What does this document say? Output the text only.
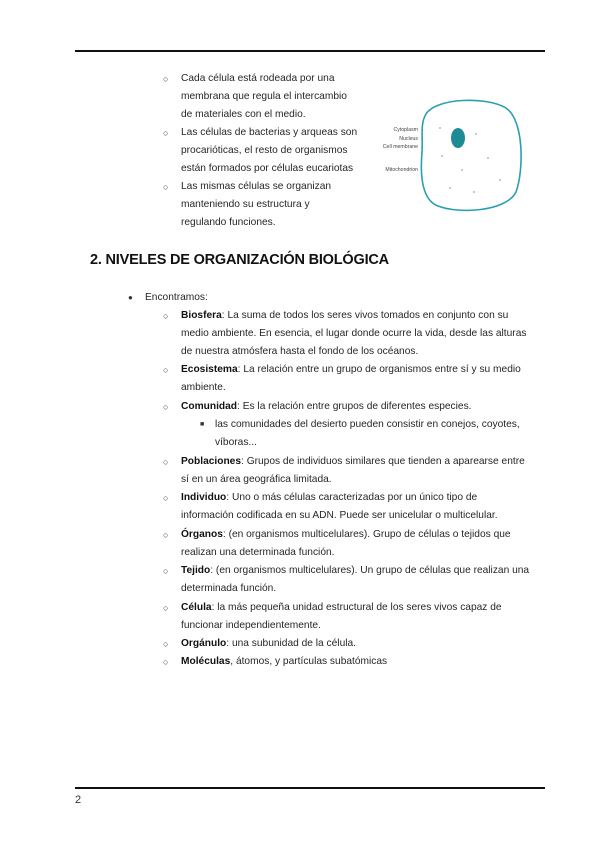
○ Cada célula está rodeada por una
membrana que regula el intercambio
de materiales con el medio.
○ Las células de bacterias y arqueas son
procarióticas, el resto de organismos
están formados por células eucariotas
○ Las mismas células se organizan
manteniendo su estructura y
regulando funciones.
Cytoplasm
Nucleus
Cell membrane
Mitochondrion
2. NIVELES DE ORGANIZACIÓN BIOLÓGICA
● Encontramos:
○ Biosfera: La suma de todos los seres vivos tomados en conjunto con su
medio ambiente. En esencia, el lugar donde ocurre la vida, desde las alturas
de nuestra atmósfera hasta el fondo de los océanos.
○ Ecosistema: La relación entre un grupo de organismos entre sí y su medio
ambiente.
○ Comunidad: Es la relación entre grupos de diferentes especies.
■ las comunidades del desierto pueden consistir en conejos, coyotes,
víboras...
○ Poblaciones: Grupos de individuos similares que tienden a aparearse entre
sí en un área geográfica limitada.
○ Individuo: Uno o más células caracterizadas por un único tipo de
información codificada en su ADN. Puede ser unicelular o multicelular.
○ Órganos: (en organismos multicelulares). Grupo de células o tejidos que
realizan una determinada función.
○ Tejido: (en organismos multicelulares). Un grupo de células que realizan una
determinada función.
○ Célula: la más pequeña unidad estructural de los seres vivos capaz de
funcionar independientemente.
○ Orgánulo: una subunidad de la célula.
○ Moléculas, átomos, y partículas subatómicas
2
